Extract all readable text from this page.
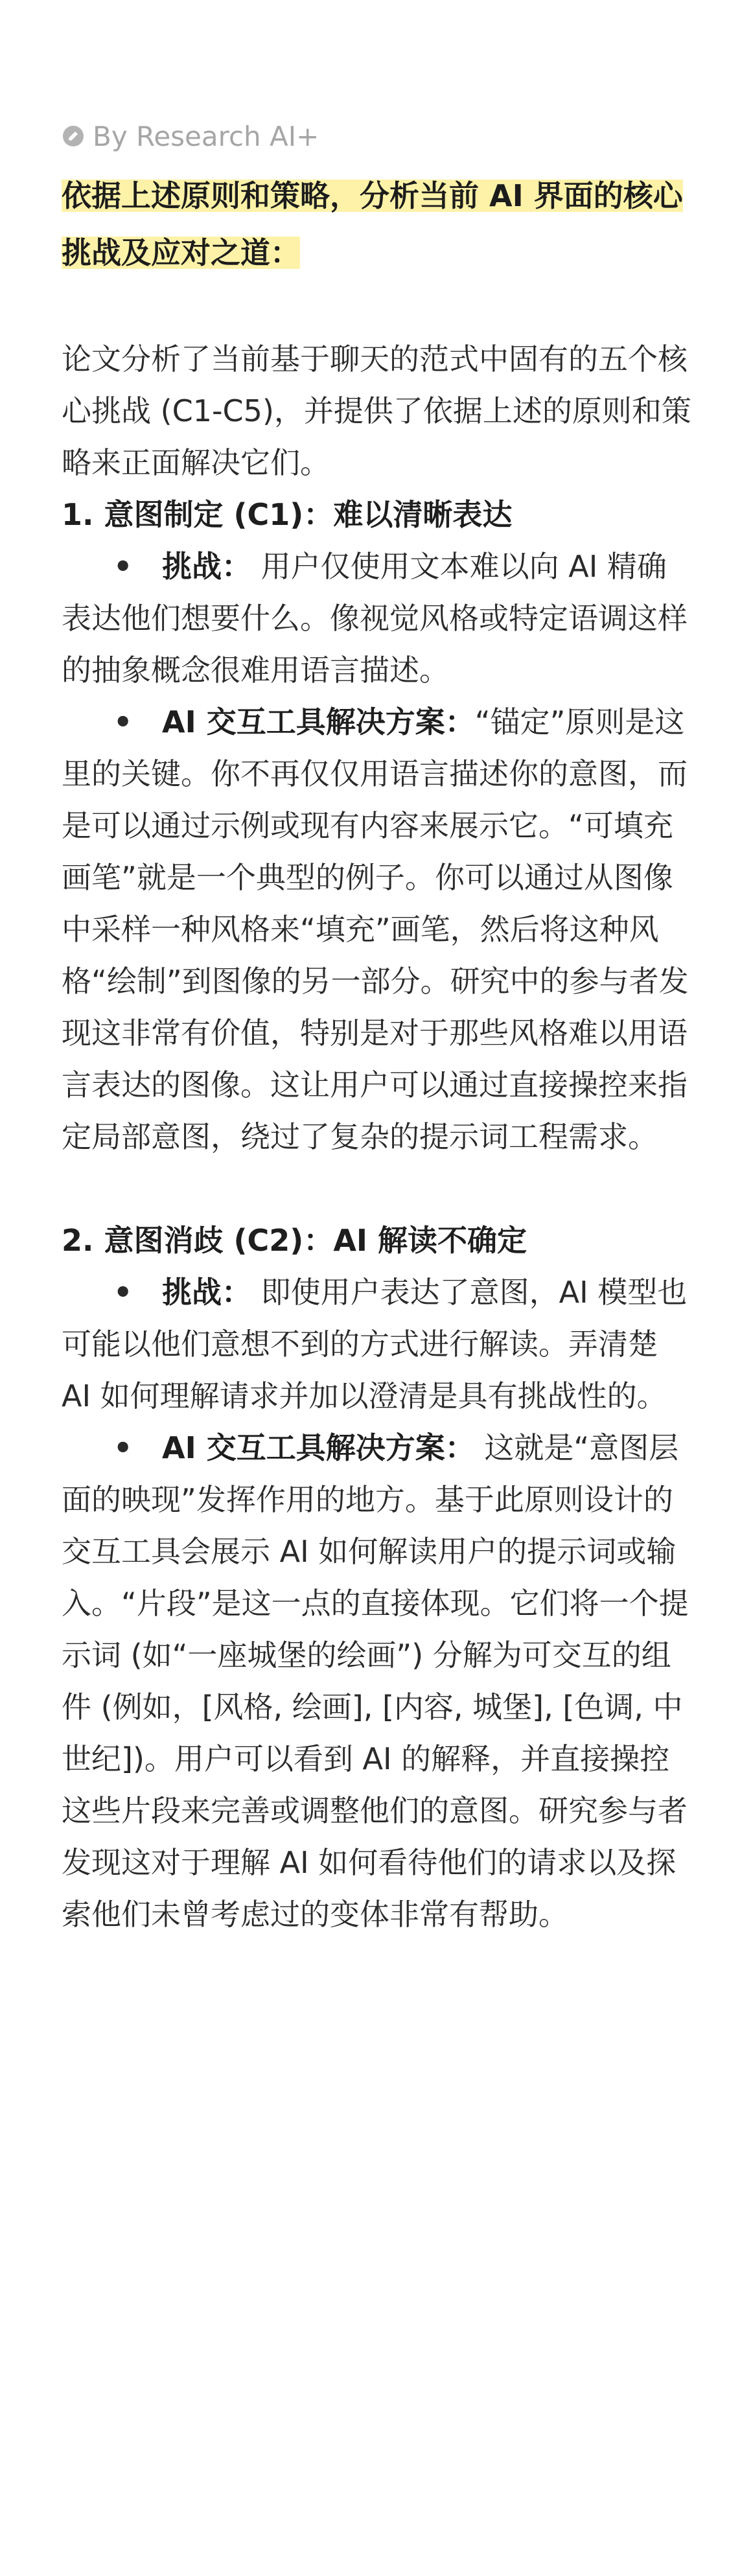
By Research AI+
依据上述原则和策略，分析当前 AI 界面的核心挑战及应对之道：

论文分析了当前基于聊天的范式中固有的五个核心挑战 (C1-C5)，并提供了依据上述的原则和策略来正面解决它们。

1. 意图制定 (C1)：难以清晰表达

• 挑战： 用户仅使用文本难以向 AI 精确表达他们想要什么。像视觉风格或特定语调这样的抽象概念很难用语言描述。

• AI 交互工具解决方案：“锚定”原则是这里的关键。你不再仅仅用语言描述你的意图，而是可以通过示例或现有内容来展示它。“可填充画笔”就是一个典型的例子。你可以通过从图像中采样一种风格来“填充”画笔，然后将这种风格“绘制”到图像的另一部分。研究中的参与者发现这非常有价值，特别是对于那些风格难以用语言表达的图像。这让用户可以通过直接操控来指定局部意图，绕过了复杂的提示词工程需求。

2. 意图消歧 (C2)：AI 解读不确定

• 挑战： 即使用户表达了意图，AI 模型也可能以他们意想不到的方式进行解读。弄清楚 AI 如何理解请求并加以澄清是具有挑战性的。

• AI 交互工具解决方案： 这就是“意图层面的映现”发挥作用的地方。基于此原则设计的交互工具会展示 AI 如何解读用户的提示词或输入。“片段”是这一点的直接体现。它们将一个提示词 (如“一座城堡的绘画”) 分解为可交互的组件 (例如，[风格, 绘画], [内容, 城堡], [色调, 中世纪])。用户可以看到 AI 的解释，并直接操控这些片段来完善或调整他们的意图。研究参与者发现这对于理解 AI 如何看待他们的请求以及探索他们未曾考虑过的变体非常有帮助。
